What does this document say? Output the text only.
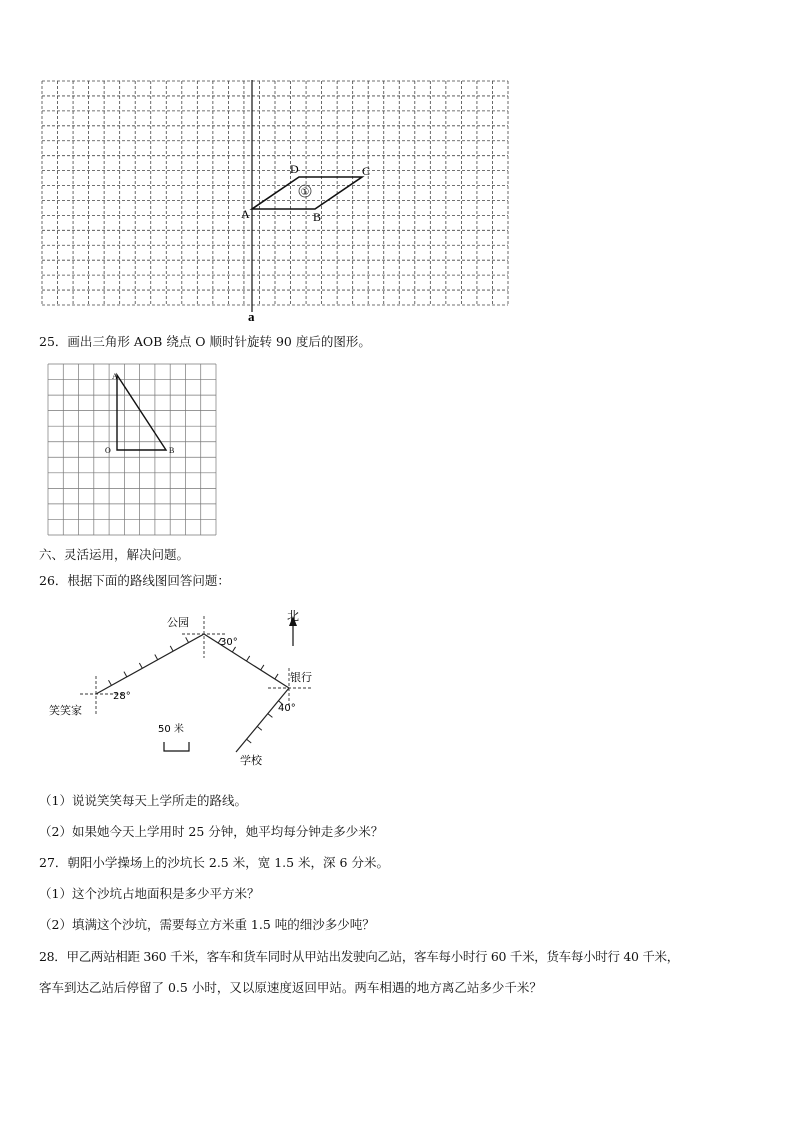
①
A	B
C
D
a
25．画出三角形 AOB 绕点 O 顺时针旋转 90 度后的图形。
A
O	B
六、灵活运用，解决问题。
26．根据下面的路线图回答问题：
北
公园
银行
笑笑家
学校
30°
28°
40°
50 米
（1）说说笑笑每天上学所走的路线。
（2）如果她今天上学用时 25 分钟，她平均每分钟走多少米？
27．朝阳小学操场上的沙坑长 2.5 米，宽 1.5 米，深 6 分米。
（1）这个沙坑占地面积是多少平方米？
（2）填满这个沙坑，需要每立方米重 1.5 吨的细沙多少吨？
28．甲乙两站相距 360 千米，客车和货车同时从甲站出发驶向乙站，客车每小时行 60 千米，货车每小时行 40 千米，
客车到达乙站后停留了 0.5 小时，又以原速度返回甲站。两车相遇的地方离乙站多少千米？
